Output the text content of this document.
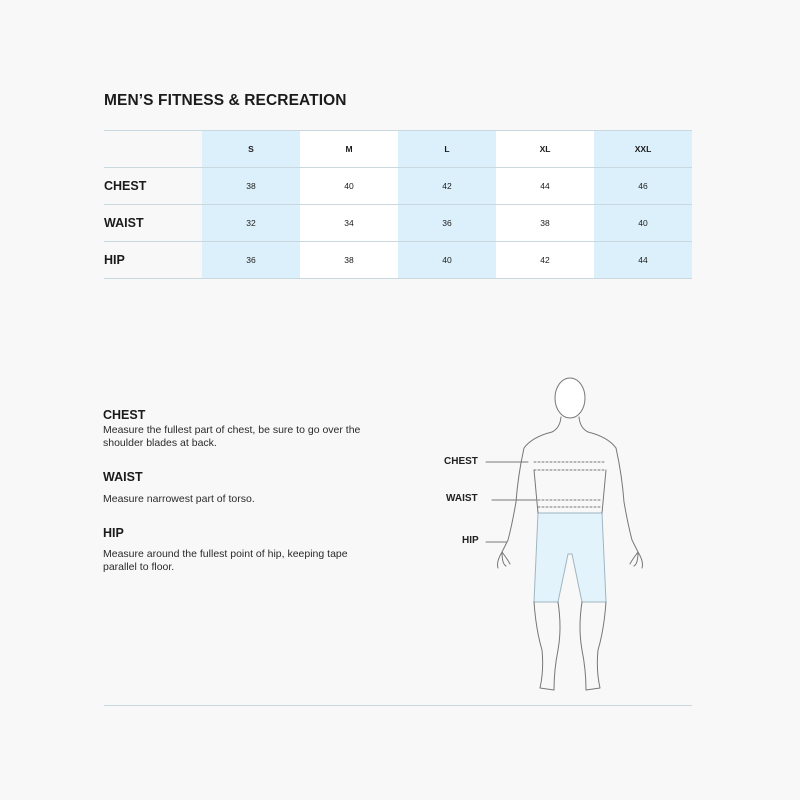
MEN’S FITNESS & RECREATION
	S	M	L	XL	XXL
CHEST	38	40	42	44	46
WAIST	32	34	36	38	40
HIP	36	38	40	42	44
CHEST

Measure the fullest part of chest, be sure to go over the shoulder blades at back.

WAIST

Measure narrowest part of torso.

HIP

Measure around the fullest point of hip, keeping tape parallel to floor.

CHEST
WAIST
HIP
